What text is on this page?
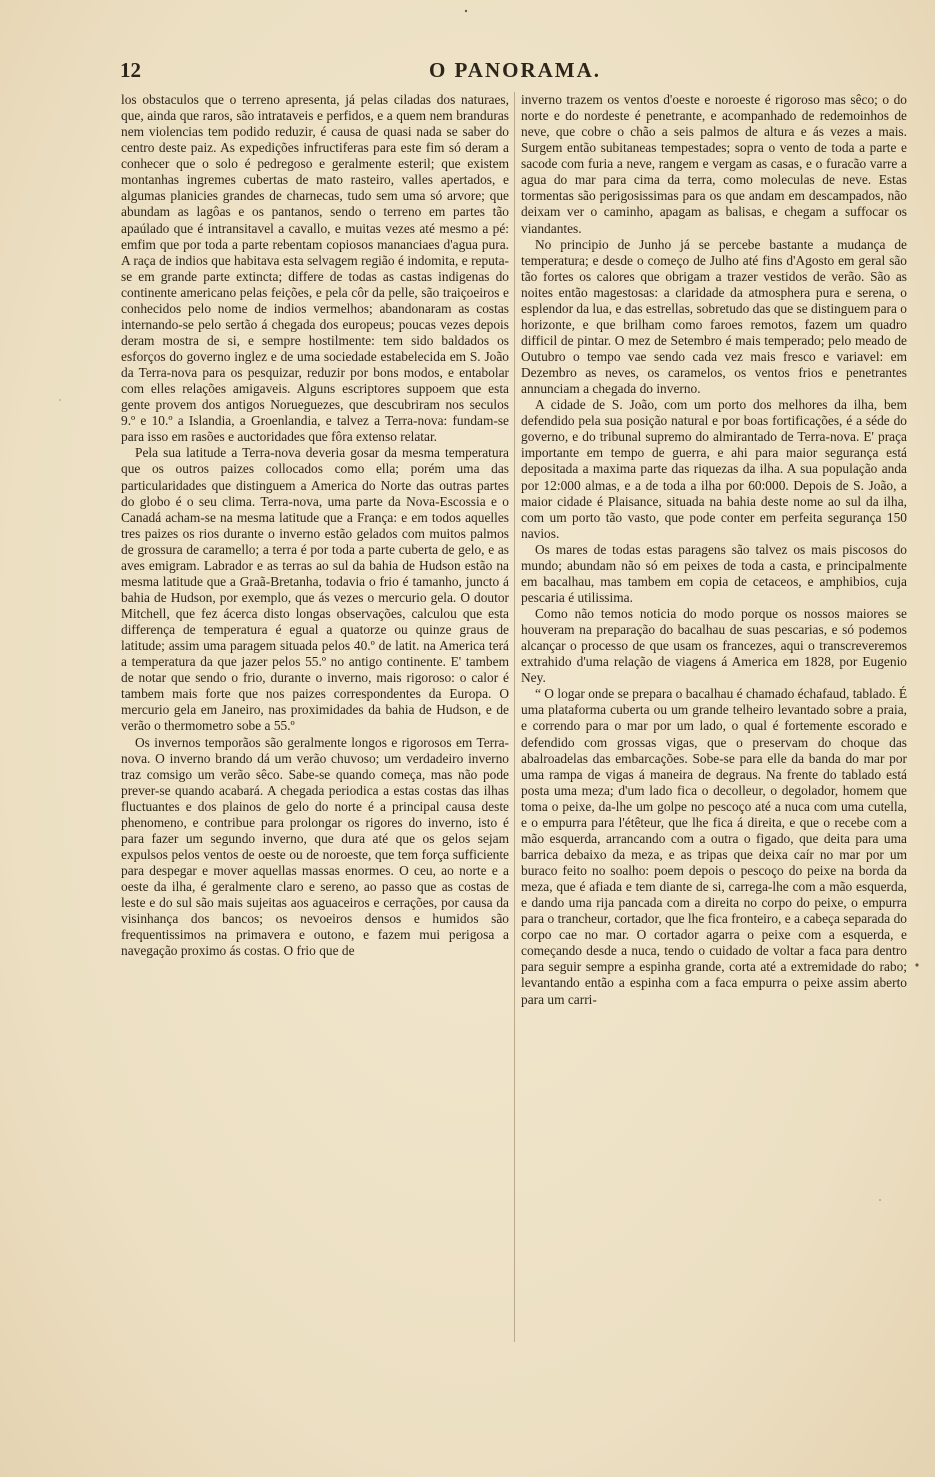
12	O PANORAMA.

los obstaculos que o terreno apresenta, já pelas ciladas dos naturaes, que, ainda que raros, são intrataveis e perfidos, e a quem nem branduras nem violencias tem podido reduzir, é causa de quasi nada se saber do centro deste paiz. As expedições infructiferas para este fim só deram a conhecer que o solo é pedregoso e geralmente esteril; que existem montanhas ingremes cubertas de mato rasteiro, valles apertados, e algumas planicies grandes de charnecas, tudo sem uma só arvore; que abundam as lagôas e os pantanos, sendo o terreno em partes tão apaúlado que é intransitavel a cavallo, e muitas vezes até mesmo a pé: emfim que por toda a parte rebentam copiosos mananciaes d'agua pura. A raça de indios que habitava esta selvagem região é indomita, e reputa-se em grande parte extincta; differe de todas as castas indigenas do continente americano pelas feições, e pela côr da pelle, são traiçoeiros e conhecidos pelo nome de indios vermelhos; abandonaram as costas internando-se pelo sertão á chegada dos europeus; poucas vezes depois deram mostra de si, e sempre hostilmente: tem sido baldados os esforços do governo inglez e de uma sociedade estabelecida em S. João da Terra-nova para os pesquizar, reduzir por bons modos, e entabolar com elles relações amigaveis. Alguns escriptores suppoem que esta gente provem dos antigos Norueguezes, que descubriram nos seculos 9.º e 10.º a Islandia, a Groenlandia, e talvez a Terra-nova: fundam-se para isso em rasões e auctoridades que fôra extenso relatar.

Pela sua latitude a Terra-nova deveria gosar da mesma temperatura que os outros paizes collocados como ella; porém uma das particularidades que distinguem a America do Norte das outras partes do globo é o seu clima. Terra-nova, uma parte da Nova-Escossia e o Canadá acham-se na mesma latitude que a França: e em todos aquelles tres paizes os rios durante o inverno estão gelados com muitos palmos de grossura de caramello; a terra é por toda a parte cuberta de gelo, e as aves emigram. Labrador e as terras ao sul da bahia de Hudson estão na mesma latitude que a Graã-Bretanha, todavia o frio é tamanho, juncto á bahia de Hudson, por exemplo, que ás vezes o mercurio gela. O doutor Mitchell, que fez ácerca disto longas observações, calculou que esta differença de temperatura é egual a quatorze ou quinze graus de latitude; assim uma paragem situada pelos 40.º de latit. na America terá a temperatura da que jazer pelos 55.º no antigo continente. E' tambem de notar que sendo o frio, durante o inverno, mais rigoroso: o calor é tambem mais forte que nos paizes correspondentes da Europa. O mercurio gela em Janeiro, nas proximidades da bahia de Hudson, e de verão o thermometro sobe a 55.º

Os invernos temporãos são geralmente longos e rigorosos em Terra-nova. O inverno brando dá um verão chuvoso; um verdadeiro inverno traz comsigo um verão sêco. Sabe-se quando começa, mas não pode prever-se quando acabará. A chegada periodica a estas costas das ilhas fluctuantes e dos plainos de gelo do norte é a principal causa deste phenomeno, e contribue para prolongar os rigores do inverno, isto é para fazer um segundo inverno, que dura até que os gelos sejam expulsos pelos ventos de oeste ou de noroeste, que tem força sufficiente para despegar e mover aquellas massas enormes. O ceu, ao norte e a oeste da ilha, é geralmente claro e sereno, ao passo que as costas de leste e do sul são mais sujeitas aos aguaceiros e cerrações, por causa da visinhança dos bancos; os nevoeiros densos e humidos são frequentissimos na primavera e outono, e fazem mui perigosa a navegação proximo ás costas. O frio que de

inverno trazem os ventos d'oeste e noroeste é rigoroso mas sêco; o do norte e do nordeste é penetrante, e acompanhado de redemoinhos de neve, que cobre o chão a seis palmos de altura e ás vezes a mais. Surgem então subitaneas tempestades; sopra o vento de toda a parte e sacode com furia a neve, rangem e vergam as casas, e o furacão varre a agua do mar para cima da terra, como moleculas de neve. Estas tormentas são perigosissimas para os que andam em descampados, não deixam ver o caminho, apagam as balisas, e chegam a suffocar os viandantes.

No principio de Junho já se percebe bastante a mudança de temperatura; e desde o começo de Julho até fins d'Agosto em geral são tão fortes os calores que obrigam a trazer vestidos de verão. São as noites então magestosas: a claridade da atmosphera pura e serena, o esplendor da lua, e das estrellas, sobretudo das que se distinguem para o horizonte, e que brilham como faroes remotos, fazem um quadro difficil de pintar. O mez de Setembro é mais temperado; pelo meado de Outubro o tempo vae sendo cada vez mais fresco e variavel: em Dezembro as neves, os caramelos, os ventos frios e penetrantes annunciam a chegada do inverno.

A cidade de S. João, com um porto dos melhores da ilha, bem defendido pela sua posição natural e por boas fortificações, é a séde do governo, e do tribunal supremo do almirantado de Terra-nova. E' praça importante em tempo de guerra, e ahi para maior segurança está depositada a maxima parte das riquezas da ilha. A sua população anda por 12:000 almas, e a de toda a ilha por 60:000. Depois de S. João, a maior cidade é Plaisance, situada na bahia deste nome ao sul da ilha, com um porto tão vasto, que pode conter em perfeita segurança 150 navios.

Os mares de todas estas paragens são talvez os mais piscosos do mundo; abundam não só em peixes de toda a casta, e principalmente em bacalhau, mas tambem em copia de cetaceos, e amphibios, cuja pescaria é utilissima.

Como não temos noticia do modo porque os nossos maiores se houveram na preparação do bacalhau de suas pescarias, e só podemos alcançar o processo de que usam os francezes, aqui o transcreveremos extrahido d'uma relação de viagens á America em 1828, por Eugenio Ney.

“ O logar onde se prepara o bacalhau é chamado échafaud, tablado. É uma plataforma cuberta ou um grande telheiro levantado sobre a praia, e correndo para o mar por um lado, o qual é fortemente escorado e defendido com grossas vigas, que o preservam do choque das abalroadelas das embarcações. Sobe-se para elle da banda do mar por uma rampa de vigas á maneira de degraus. Na frente do tablado está posta uma meza; d'um lado fica o decolleur, o degolador, homem que toma o peixe, da-lhe um golpe no pescoço até a nuca com uma cutella, e o empurra para l'étêteur, que lhe fica á direita, e que o recebe com a mão esquerda, arrancando com a outra o figado, que deita para uma barrica debaixo da meza, e as tripas que deixa caír no mar por um buraco feito no soalho: poem depois o pescoço do peixe na borda da meza, que é afiada e tem diante de si, carrega-lhe com a mão esquerda, e dando uma rija pancada com a direita no corpo do peixe, o empurra para o trancheur, cortador, que lhe fica fronteiro, e a cabeça separada do corpo cae no mar. O cortador agarra o peixe com a esquerda, e começando desde a nuca, tendo o cuidado de voltar a faca para dentro para seguir sempre a espinha grande, corta até a extremidade do rabo; levantando então a espinha com a faca empurra o peixe assim aberto para um carri-
